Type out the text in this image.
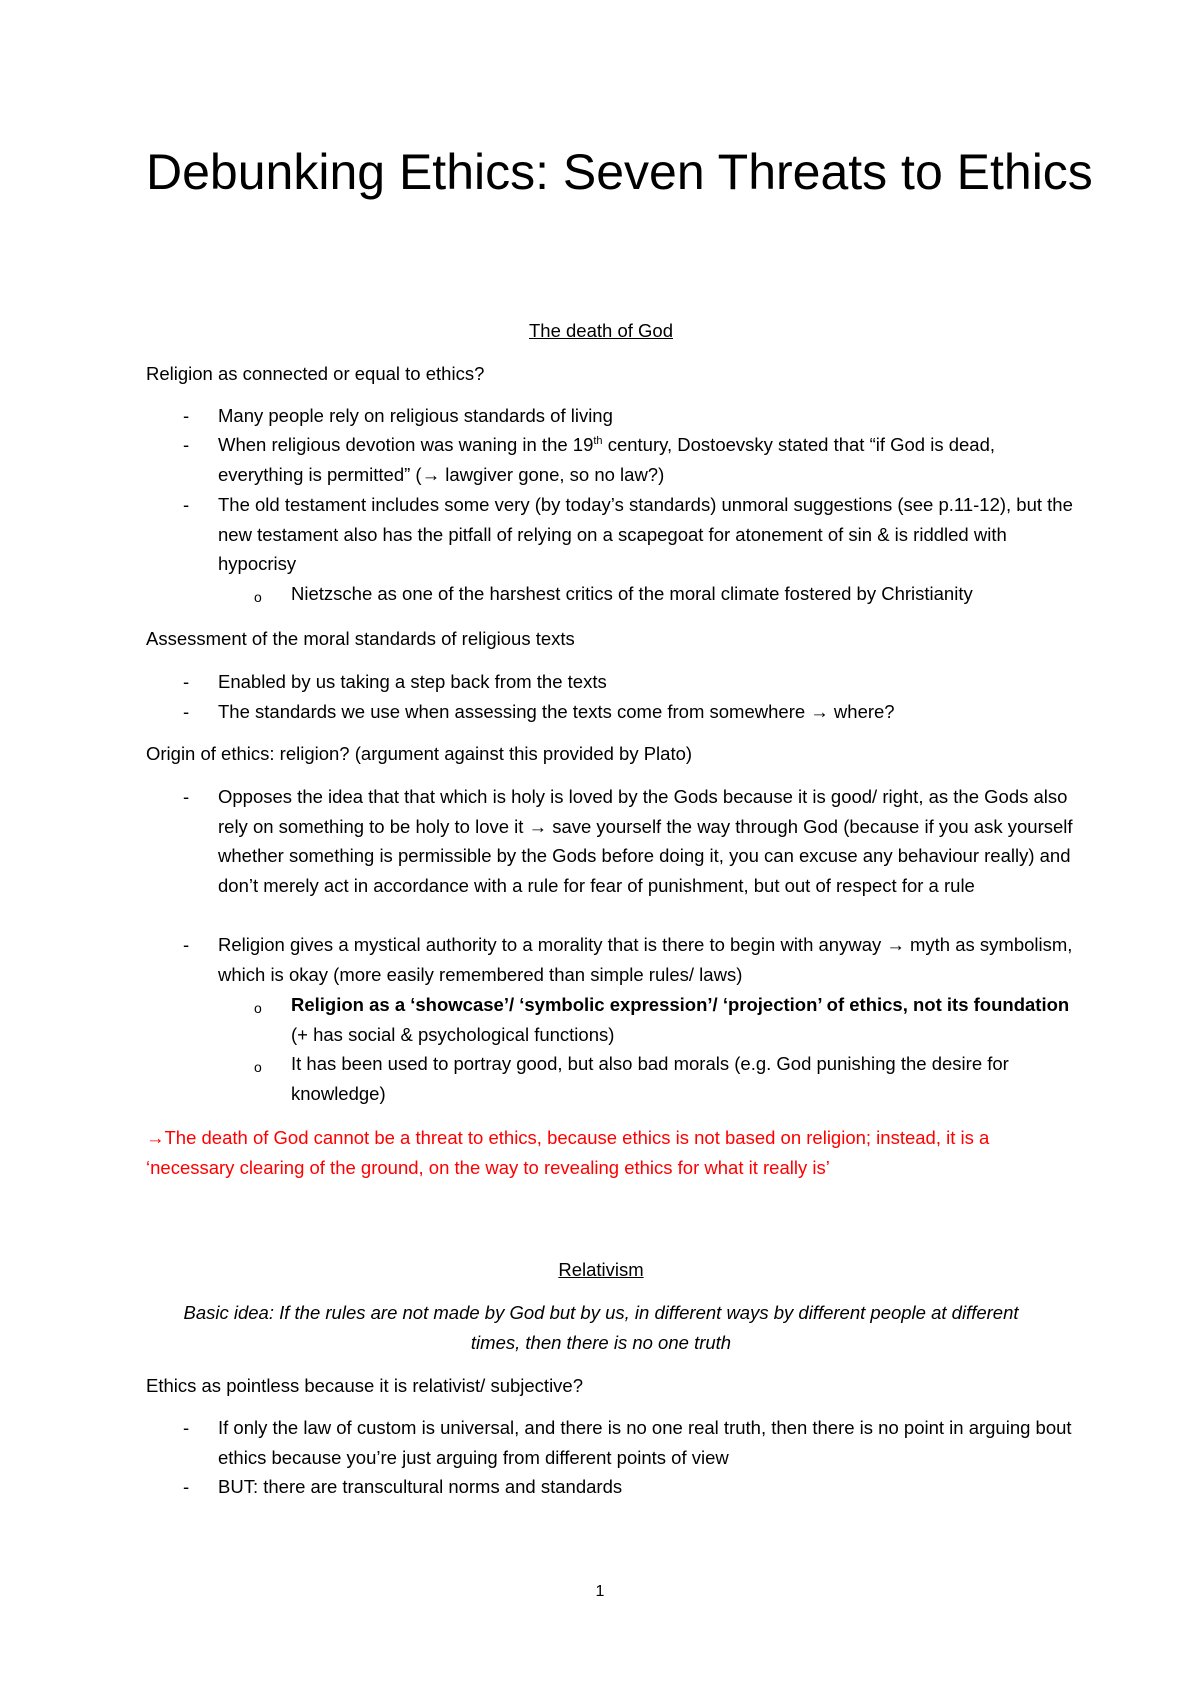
Debunking Ethics: Seven Threats to Ethics

The death of God

Religion as connected or equal to ethics?

- Many people rely on religious standards of living

- When religious devotion was waning in the 19th century, Dostoevsky stated that “if God is dead, everything is permitted” (→ lawgiver gone, so no law?)

- The old testament includes some very (by today’s standards) unmoral suggestions (see p.11-12), but the new testament also has the pitfall of relying on a scapegoat for atonement of sin & is riddled with hypocrisy

o Nietzsche as one of the harshest critics of the moral climate fostered by Christianity

Assessment of the moral standards of religious texts

- Enabled by us taking a step back from the texts

- The standards we use when assessing the texts come from somewhere → where?

Origin of ethics: religion? (argument against this provided by Plato)

- Opposes the idea that that which is holy is loved by the Gods because it is good/ right, as the Gods also rely on something to be holy to love it → save yourself the way through God (because if you ask yourself whether something is permissible by the Gods before doing it, you can excuse any behaviour really) and don’t merely act in accordance with a rule for fear of punishment, but out of respect for a rule

- Religion gives a mystical authority to a morality that is there to begin with anyway → myth as symbolism, which is okay (more easily remembered than simple rules/ laws)

o Religion as a ‘showcase’/ ‘symbolic expression’/ ‘projection’ of ethics, not its foundation (+ has social & psychological functions)

o It has been used to portray good, but also bad morals (e.g. God punishing the desire for knowledge)

→The death of God cannot be a threat to ethics, because ethics is not based on religion; instead, it is a ‘necessary clearing of the ground, on the way to revealing ethics for what it really is’

Relativism

Basic idea: If the rules are not made by God but by us, in different ways by different people at different times, then there is no one truth

Ethics as pointless because it is relativist/ subjective?

- If only the law of custom is universal, and there is no one real truth, then there is no point in arguing bout ethics because you’re just arguing from different points of view

- BUT: there are transcultural norms and standards

1
